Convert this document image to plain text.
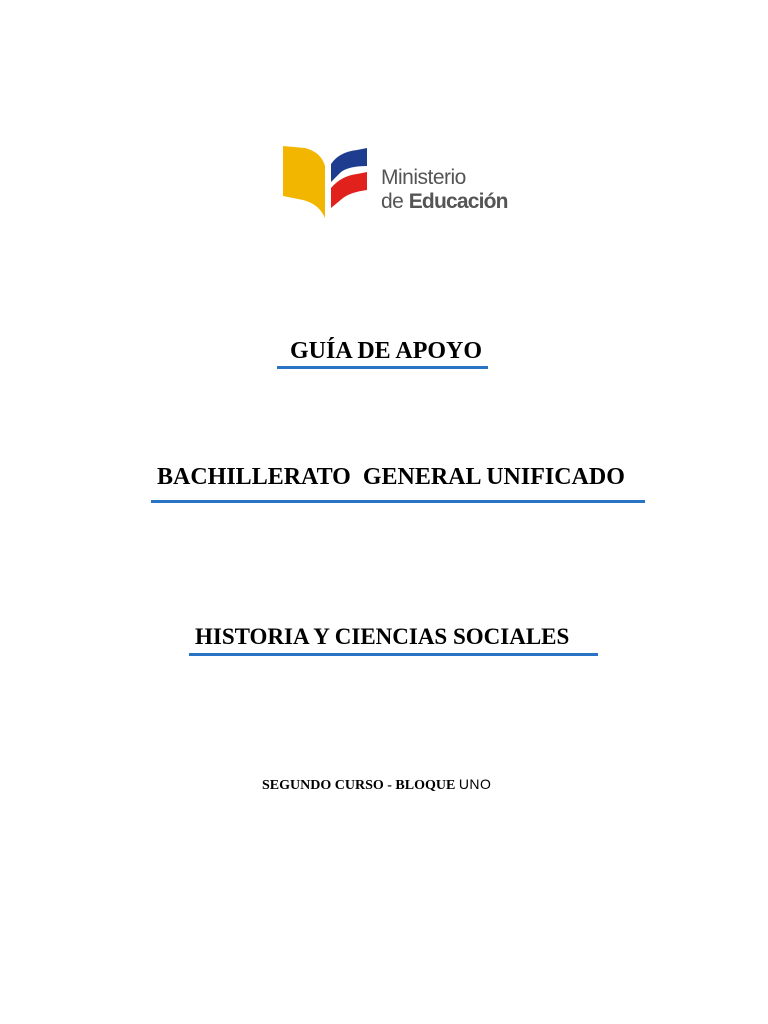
Ministerio
de Educación
GUÍA DE APOYO
BACHILLERATO  GENERAL UNIFICADO
HISTORIA Y CIENCIAS SOCIALES
SEGUNDO CURSO - BLOQUE UNO
